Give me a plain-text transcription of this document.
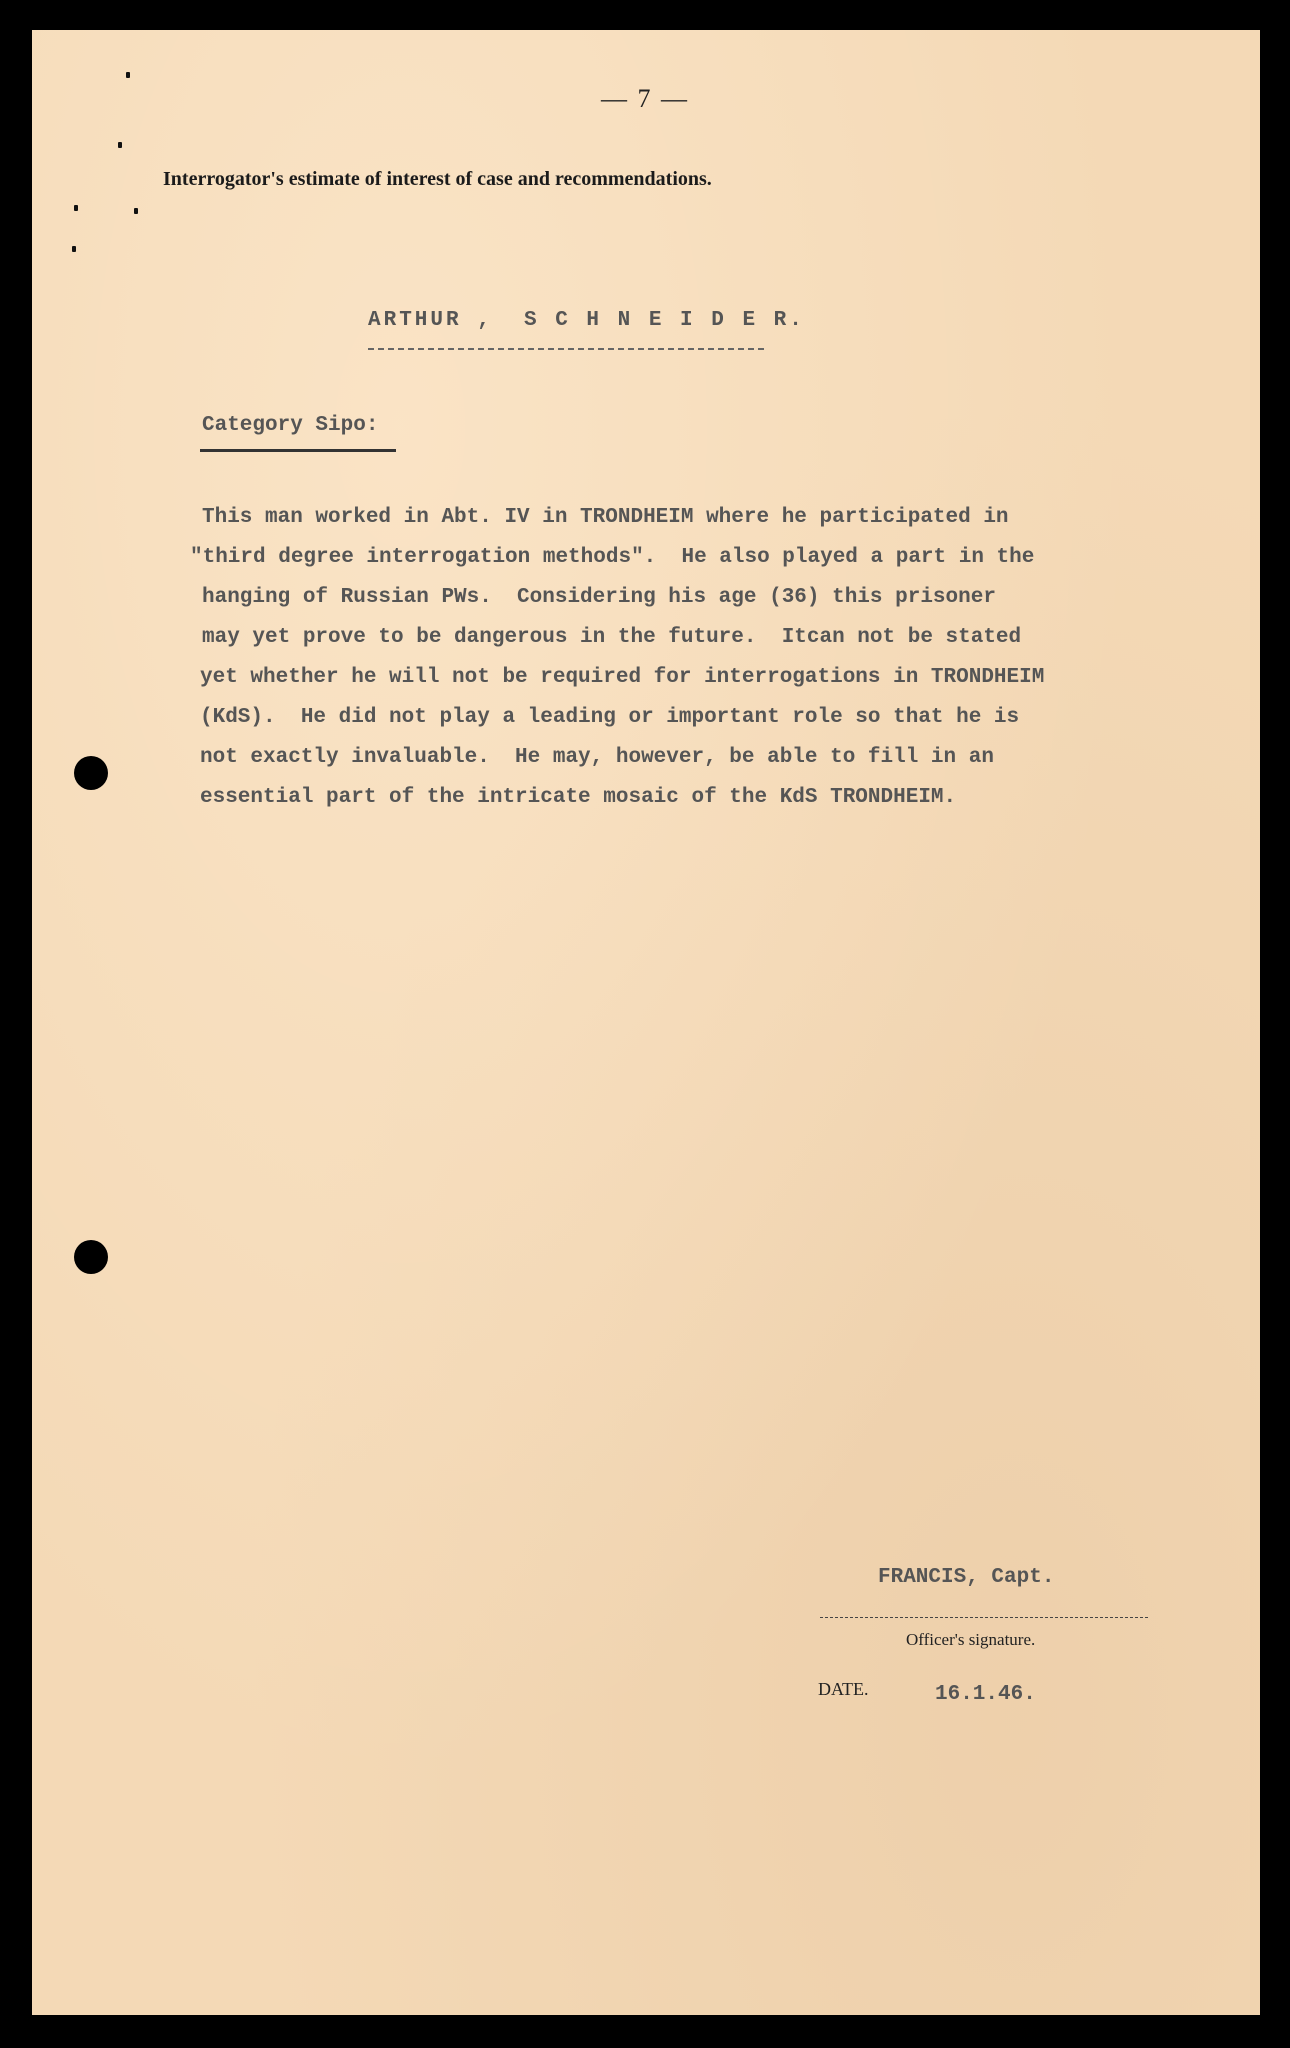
— 7 —
Interrogator's estimate of interest of case and recommendations.
ARTHUR ,  S C H N E I D E R.
Category Sipo:
This man worked in Abt. IV in TRONDHEIM where he participated in
"third degree interrogation methods".  He also played a part in the
hanging of Russian PWs.  Considering his age (36) this prisoner
may yet prove to be dangerous in the future.  Itcan not be stated
yet whether he will not be required for interrogations in TRONDHEIM
(KdS).  He did not play a leading or important role so that he is
not exactly invaluable.  He may, however, be able to fill in an
essential part of the intricate mosaic of the KdS TRONDHEIM.
FRANCIS, Capt.
Officer's signature.
DATE.	16.1.46.
